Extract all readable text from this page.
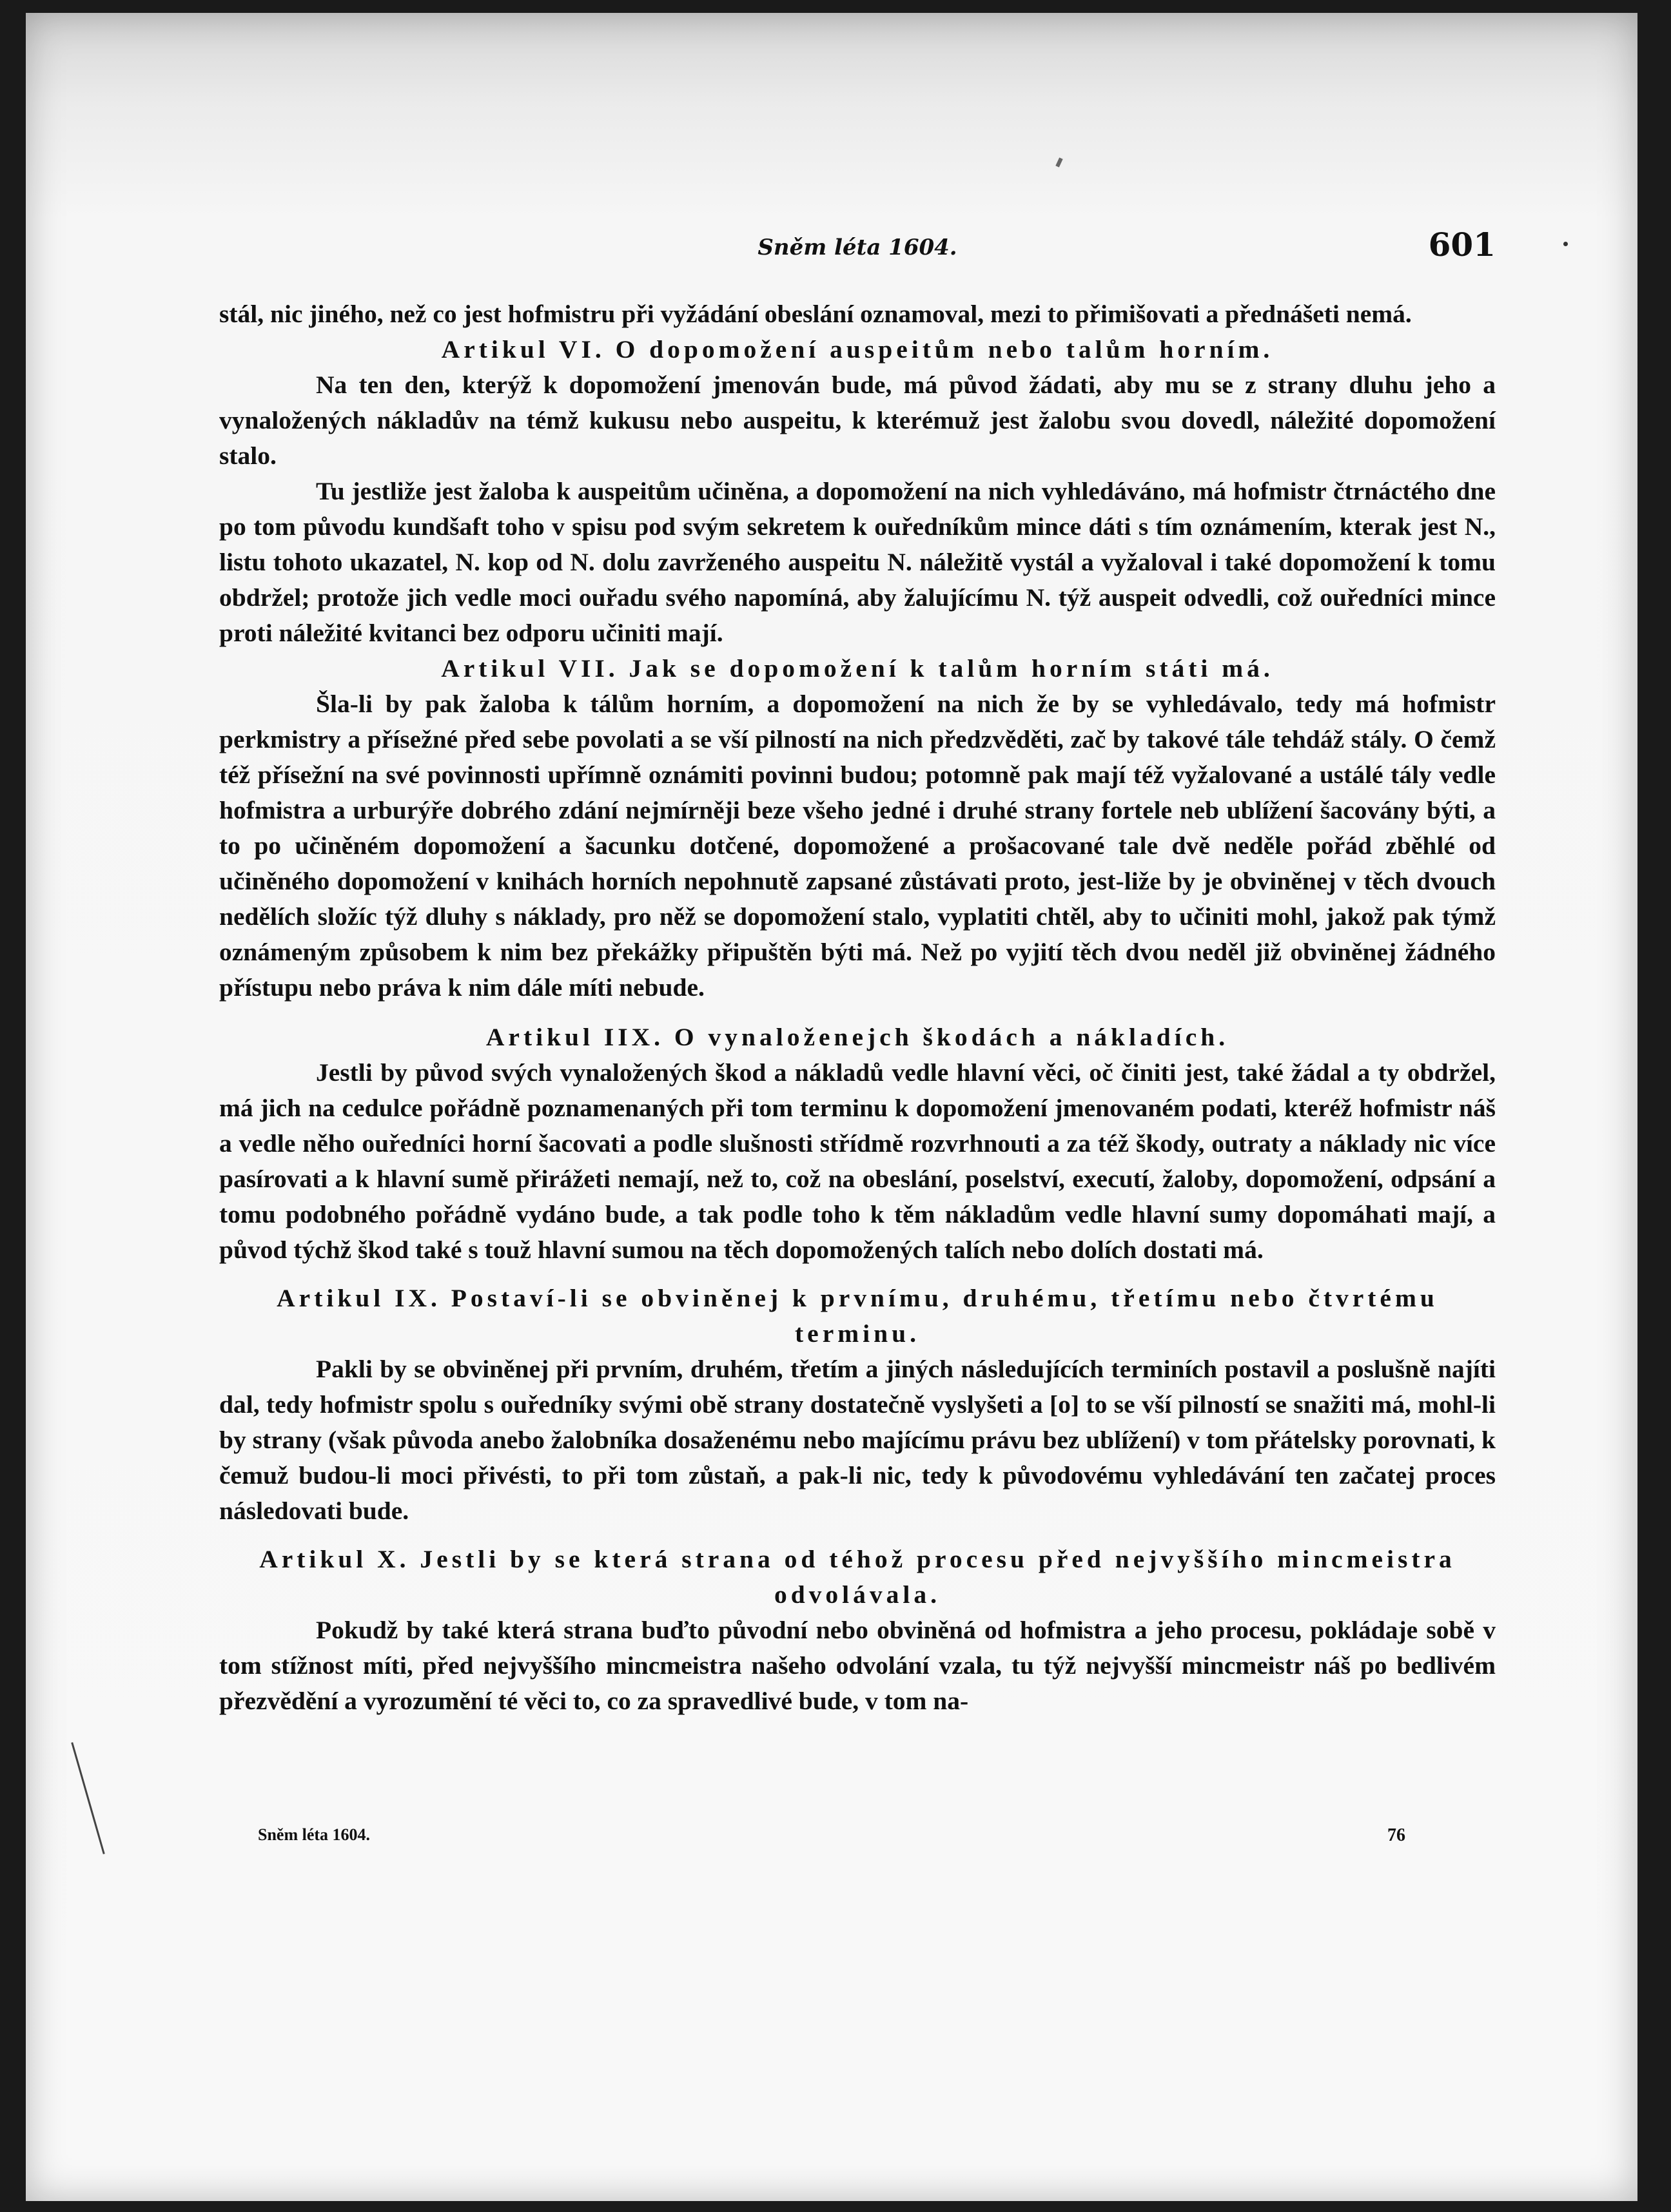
Sněm léta 1604.	601

stál, nic jiného, než co jest hofmistru při vyžádání obeslání oznamoval, mezi to přimišovati a přednášeti nemá.

Artikul VI. O dopomožení auspeitům nebo talům horním.

Na ten den, kterýž k dopomožení jmenován bude, má původ žádati, aby mu se z strany dluhu jeho a vynaložených nákladův na témž kukusu nebo auspeitu, k kterémuž jest žalobu svou dovedl, náležité dopomožení stalo.

Tu jestliže jest žaloba k auspeitům učiněna, a dopomožení na nich vyhledáváno, má hofmistr čtrnáctého dne po tom původu kundšaft toho v spisu pod svým sekretem k ouředníkům mince dáti s tím oznámením, kterak jest N., listu tohoto ukazatel, N. kop od N. dolu zavrženého auspeitu N. náležitě vystál a vyžaloval i také dopomožení k tomu obdržel; protože jich vedle moci ouřadu svého napomíná, aby žalujícímu N. týž auspeit odvedli, což ouředníci mince proti náležité kvitanci bez odporu učiniti mají.

Artikul VII. Jak se dopomožení k talům horním státi má.

Šla-li by pak žaloba k tálům horním, a dopomožení na nich že by se vyhledávalo, tedy má hofmistr perkmistry a přísežné před sebe povolati a se vší pilností na nich předzvěděti, zač by takové tále tehdáž stály. O čemž též přísežní na své povinnosti upřímně oznámiti povinni budou; potomně pak mají též vyžalované a ustálé tály vedle hofmistra a urburýře dobrého zdání nejmírněji beze všeho jedné i druhé strany fortele neb ublížení šacovány býti, a to po učiněném dopomožení a šacunku dotčené, dopomožené a prošacované tale dvě neděle pořád zběhlé od učiněného dopomožení v knihách horních nepohnutě zapsané zůstávati proto, jest-liže by je obviněnej v těch dvouch nedělích složíc týž dluhy s náklady, pro něž se dopomožení stalo, vyplatiti chtěl, aby to učiniti mohl, jakož pak týmž oznámeným způsobem k nim bez překážky připuštěn býti má. Než po vyjití těch dvou neděl již obviněnej žádného přístupu nebo práva k nim dále míti nebude.

Artikul IIX. O vynaloženejch škodách a nákladích.

Jestli by původ svých vynaložených škod a nákladů vedle hlavní věci, oč činiti jest, také žádal a ty obdržel, má jich na cedulce pořádně poznamenaných při tom terminu k dopomožení jmenovaném podati, kteréž hofmistr náš a vedle něho ouředníci horní šacovati a podle slušnosti střídmě rozvrhnouti a za též škody, outraty a náklady nic více pasírovati a k hlavní sumě přirážeti nemají, než to, což na obeslání, poselství, executí, žaloby, dopomožení, odpsání a tomu podobného pořádně vydáno bude, a tak podle toho k těm nákladům vedle hlavní sumy dopomáhati mají, a původ týchž škod také s touž hlavní sumou na těch dopomožených talích nebo dolích dostati má.

Artikul IX. Postaví-li se obviněnej k prvnímu, druhému, třetímu nebo čtvrtému terminu.

Pakli by se obviněnej při prvním, druhém, třetím a jiných následujících terminích postavil a poslušně najíti dal, tedy hofmistr spolu s ouředníky svými obě strany dostatečně vyslyšeti a [o] to se vší pilností se snažiti má, mohl-li by strany (však původa anebo žalobníka dosaženému nebo majícímu právu bez ublížení) v tom přátelsky porovnati, k čemuž budou-li moci přivésti, to při tom zůstaň, a pak-li nic, tedy k původovému vyhledávání ten začatej proces následovati bude.

Artikul X. Jestli by se která strana od téhož procesu před nejvyššího mincmeistra odvolávala.

Pokudž by také která strana buďto původní nebo obviněná od hofmistra a jeho procesu, pokládaje sobě v tom stížnost míti, před nejvyššího mincmeistra našeho odvolání vzala, tu týž nejvyšší mincmeistr náš po bedlivém přezvědění a vyrozumění té věci to, co za spravedlivé bude, v tom na-

Sněm léta 1604.	76
